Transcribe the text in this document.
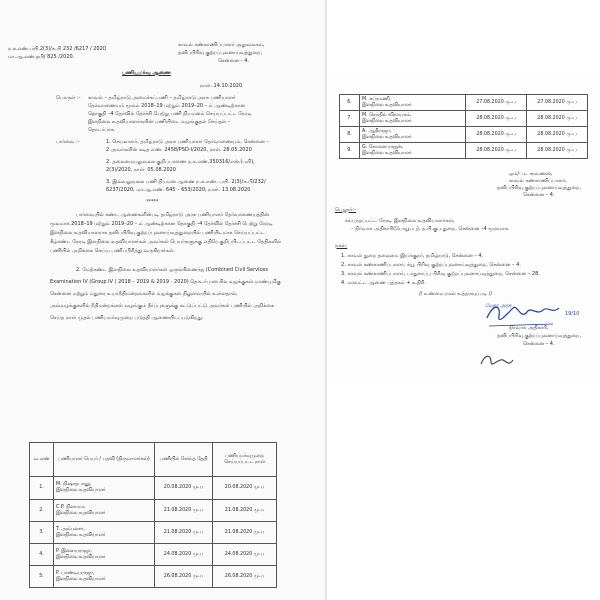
ந.க.எண்.பயி.2(3)/சு.பி 232 /6217 / 2020
மா.ஆ.எண்.தபி/ 825 /2020.
காவல் கண்காணிப்பாளர் அலுவலகம்,
தனிப்பிரிவு குற்றப்புலனாய்வுத்துறை,
சென்னை - 4.
பணியமர்வு ஆணை
நாள். 14.10.2020
பொருள் :- காவல் – தமிழ்நாடு அமைச்சுப்பணி – தமிழ்நாடு அரசு பணியாளர்
தேர்வாணையம் மூலம் 2018–19 மற்றும் 2019–20 – ம் ஆண்டிற்கான
தொகுதி –4 தேர்வில் தேர்ச்சி பெற்று பணி நியமனம் செய்யப்பட்ட நேரடி
இளநிலை உதவியாளர்களின் பணியிடை வழங்குதல் செய்தல் –
தொடர்பாக.
பார்வை :-	1. செயலாளர், தமிழ்நாடு அரசு பணியாளர் தேர்வாணையம், சென்னை –
2 அவர்களின் கடித எண். 2458/PSD-I/2020, நாள். 28.05.2020
2. தலைமையலுவலக குறிப்பாணை ந.க.எண்.350316/என்.(பயி),
2(3)/2020, நாள். 05.08.2020
3. இவ்வலுவலக பணி நியமன ஆணை ந.க.எண். பயி. 2(3)/சு.பி/232/
6237/2020, மா.ஆ.எண். 645 – 653/2020, நாள். 13.08.2020
*****
பார்வையில் கண்ட ஆணைகளின்படி தமிழ்நாடு அரசு பணியாளர் தேர்வாணையத்தின்
மூலமாக 2018–19 மற்றும் 2019–20 – ம் ஆண்டிற்கான தொகுதி –4 தேர்வில் தேர்ச்சி பெற்று நேரடி
இளநிலை உதவியாளராக தனிப்பிரிவு குற்றப்புலனாய்வுத்துறையில் பணியிடமாக செய்யப்பட்ட
கீழ்கண்ட நேரடி இளநிலை உதவியாளர்கள் அவர்கள் பெயர்களுக்கு எதிரே குறிப்பிடப்பட்ட தேதிகளில்
பணியில் அறிக்கை செய்ய பணிப்பிரித்து வருகிறார்கள்.
2. மேற்கண்ட இளநிலை உதவியாளர்கள் ஒருங்கிணைந்த (Combined Civil Services
Examination IV (Group IV ) 2018 – 2019 & 2019 - 2020) தொடர்பான சில வழக்குகள் மாண்புமிகு
சென்னை மற்றும் மதுரை உயர்நீதிமன்றங்களில் வழக்குகள் நிலுவையில் உள்ளதால்,
அவ்வழக்குகளில் நீதிமன்றங்கள் வழங்கும் தீர்ப்புகளுக்கு கட்டுப்பட்டு அவர்கள் பணியில் அறிக்கை
செய்த நாள் முதல் பணியமர்வுமுறை படுத்தி ஆணையிடப்படுகிறது.
வ.எண்	பணியாளர் பெயர் / பதவி (திருவாளர்கள்)	பணியில் சேர்ந்த தேதி	பணியமர்வுமுறை செய்யப்பட்ட நாள்
1.	M. நிஷாதபானு,
இளநிலை உதவியாளர்	20.08.2020 மு.ப	20.08.2020 மு.ப
2.	C.P. நிஸாமா,
இளநிலை உதவியாளர்	21.08.2020 மு.ப	21.08.2020 மு.ப
3.	T. அம்பலசா,
இளநிலை உதவியாளர்	21.08.2020 மு.ப	21.08.2020 மு.ப
4.	P. இளையராஜா,
இளநிலை உதவியாளர்	24.08.2020 மு.ப	24.08.2020 மு.ப
5.	P. பாண்டியராஜா,
இளநிலை உதவியாளர்	26.08.2020 மு.ப	26.08.2020 மு.ப
6.	M. சுப்ரமணி,
இளநிலை உதவியாளர்	27.08.2020 மு.ப	27.08.2020 மு.ப
7.	M. செந்தில் விநாயகம்,
இளநிலை உதவியாளர்	28.08.2020 மு.ப	28.08.2020 மு.ப
8.	A. ஆதிராஜா,
இளநிலை உதவியாளர்	28.08.2020 மு.ப	28.08.2020 மு.ப
9.	G. சோனை ராஜன்,
இளநிலை உதவியாளர்	28.08.2020 மு.ப	28.08.2020 மு.ப
ஒம்/- ம. சரவணன்,
காவல் கண்காணிப்பாளர்,
தனிப்பிரிவு குற்றப்புலனாய்வுத்துறை,
சென்னை – 4.
பெறுநர்:-
சம்பந்தப்பட்ட நேரடி இளநிலை உதவியாளர்கள்,
– நிர்வாக அதிகாரி(பொறுப்பு), த.பி.குப.துறை, சென்னை –4 மூலமாக.
நகல்:
1. காவல் துறை தலைமை இயக்குநர், தமிழ்நாடு, சென்னை – 4.
2. காவல் கண்காணிப்பாளர், க்யூ பிரிவு குற்றப்புலனாய்வுத்துறை, சென்னை – 4.
3. காவல் கண்காணிப்பாளர், பாதுகாப்பு பிரிவு குற்றப்புலனாய்வுத்துறை, சென்னை – 28.
4. மாவட்ட ஆணை புத்தகம் + உதிரி.
// உண்மை நகல் உத்தரவுப்படி //
மேதா அரசு
19/10
நிர்வாக அதிகாரி,
தனிப்பிரிவு குற்றப்புலனாய்வுத்துறை,
சென்னை – 4.
